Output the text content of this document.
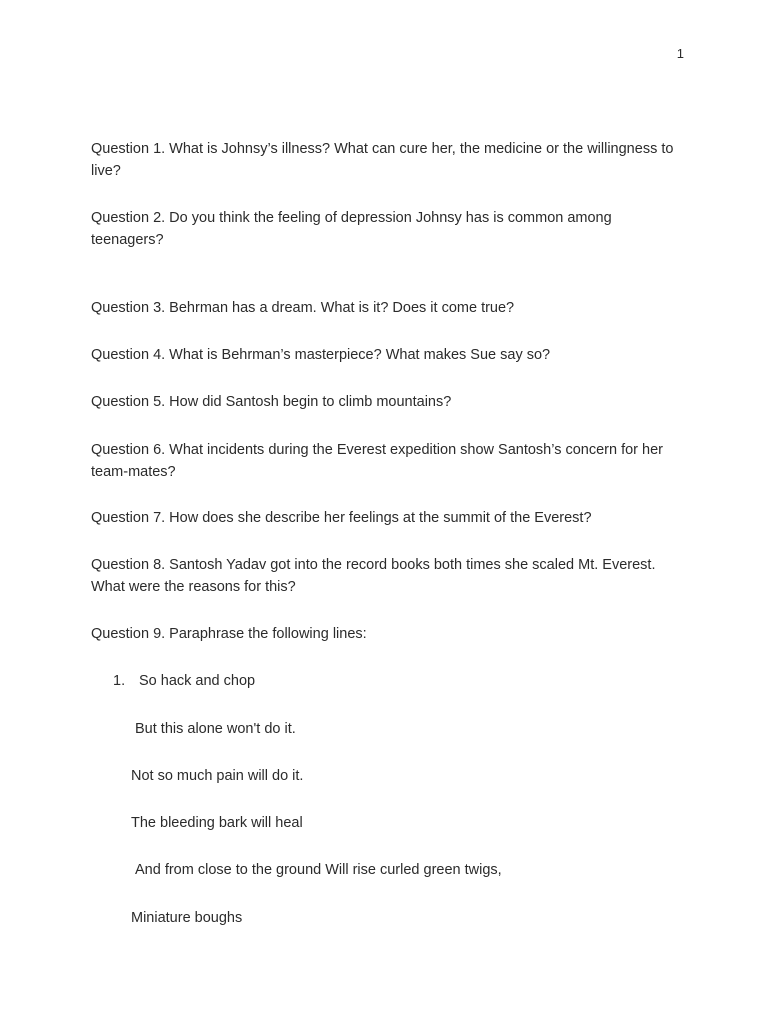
1

Question 1. What is Johnsy’s illness? What can cure her, the medicine or the willingness to live?

Question 2. Do you think the feeling of depression Johnsy has is common among teenagers?

Question 3. Behrman has a dream. What is it? Does it come true?

Question 4. What is Behrman’s masterpiece? What makes Sue say so?

Question 5. How did Santosh begin to climb mountains?

Question 6. What incidents during the Everest expedition show Santosh’s concern for her team-mates?

Question 7. How does she describe her feelings at the summit of the Everest?

Question 8. Santosh Yadav got into the record books both times she scaled Mt. Everest. What were the reasons for this?

Question 9. Paraphrase the following lines:

1. So hack and chop

But this alone won't do it.

Not so much pain will do it.

The bleeding bark will heal

And from close to the ground Will rise curled green twigs,

Miniature boughs
